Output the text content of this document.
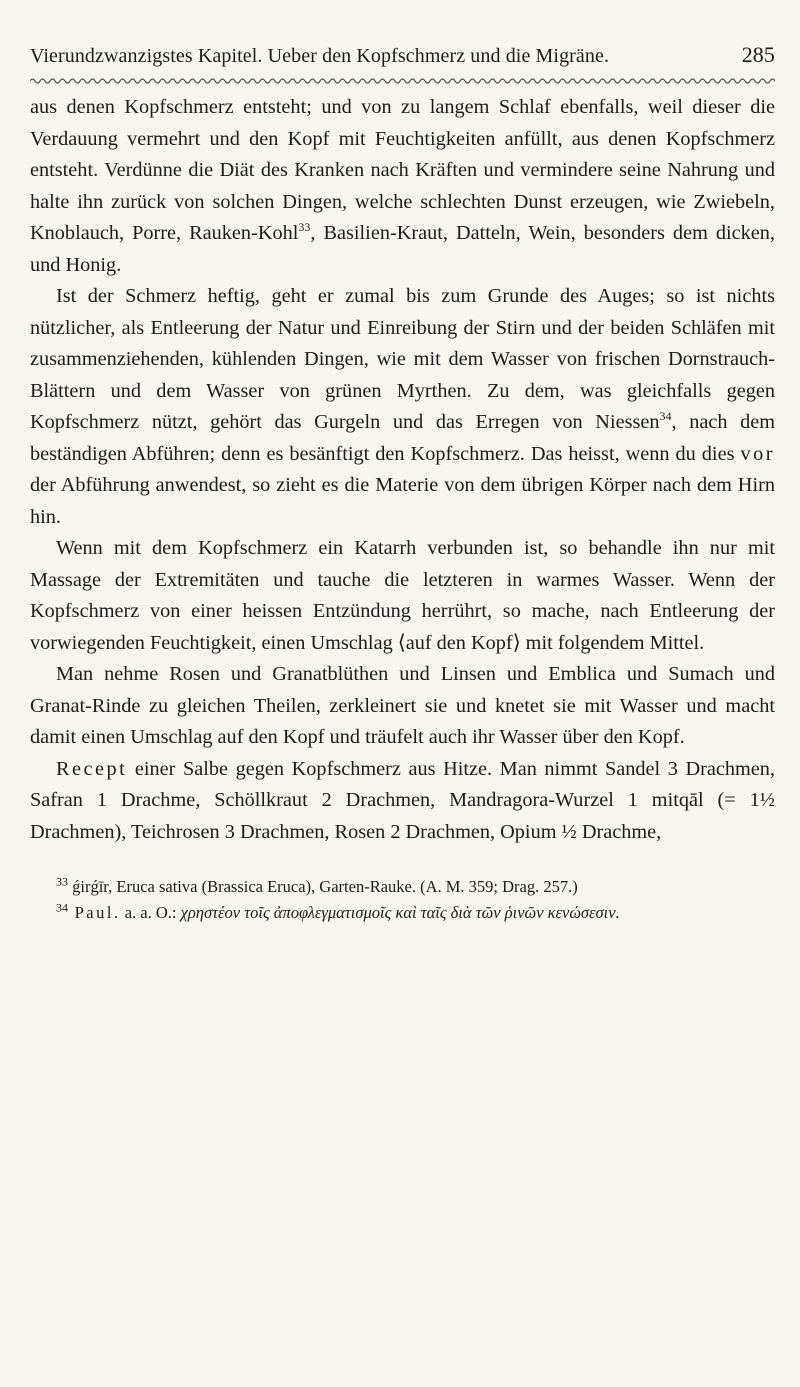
Vierundzwanzigstes Kapitel. Ueber den Kopfschmerz und die Migräne.	285

aus denen Kopfschmerz entsteht; und von zu langem Schlaf ebenfalls, weil dieser die Verdauung vermehrt und den Kopf mit Feuchtigkeiten anfüllt, aus denen Kopfschmerz entsteht. Verdünne die Diät des Kranken nach Kräften und vermindere seine Nahrung und halte ihn zurück von solchen Dingen, welche schlechten Dunst erzeugen, wie Zwiebeln, Knoblauch, Porre, Rauken-Kohl$^{33}$, Basilien-Kraut, Datteln, Wein, besonders dem dicken, und Honig.

Ist der Schmerz heftig, geht er zumal bis zum Grunde des Auges; so ist nichts nützlicher, als Entleerung der Natur und Einreibung der Stirn und der beiden Schläfen mit zusammenziehenden, kühlenden Dingen, wie mit dem Wasser von frischen Dornstrauch-Blättern und dem Wasser von grünen Myrthen. Zu dem, was gleichfalls gegen Kopfschmerz nützt, gehört das Gurgeln und das Erregen von Niessen$^{34}$, nach dem beständigen Abführen; denn es besänftigt den Kopfschmerz. Das heisst, wenn du dies vor der Abführung anwendest, so zieht es die Materie von dem übrigen Körper nach dem Hirn hin.

Wenn mit dem Kopfschmerz ein Katarrh verbunden ist, so behandle ihn nur mit Massage der Extremitäten und tauche die letzteren in warmes Wasser. Wenn der Kopfschmerz von einer heissen Entzündung herrührt, so mache, nach Entleerung der vorwiegenden Feuchtigkeit, einen Umschlag ⟨auf den Kopf⟩ mit folgendem Mittel.

Man nehme Rosen und Granatblüthen und Linsen und Emblica und Sumach und Granat-Rinde zu gleichen Theilen, zerkleinert sie und knetet sie mit Wasser und macht damit einen Umschlag auf den Kopf und träufelt auch ihr Wasser über den Kopf.

Recept einer Salbe gegen Kopfschmerz aus Hitze. Man nimmt Sandel 3 Drachmen, Safran 1 Drachme, Schöllkraut 2 Drachmen, Mandragora-Wurzel 1 mitqāl (= 1½ Drachmen), Teichrosen 3 Drachmen, Rosen 2 Drachmen, Opium ½ Drachme,

$^{33}$ ǵirǵīr, Eruca sativa (Brassica Eruca), Garten-Rauke. (A. M. 359; Drag. 257.)

$^{34}$ Paul. a. a. O.: χρηστέον τοῖς ἀποφλεγματισμοῖς καὶ ταῖς διὰ τῶν ῥινῶν κενώσεσιν.
